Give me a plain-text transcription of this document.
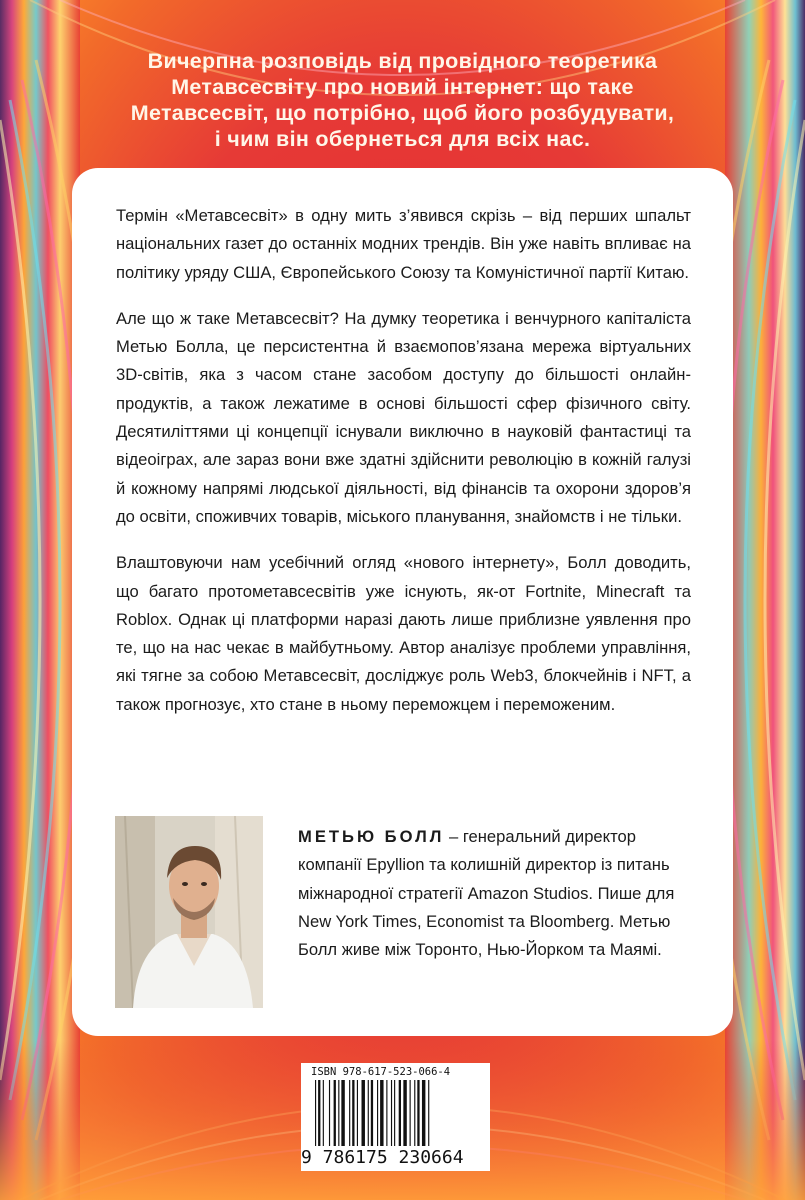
Вичерпна розповідь від провідного теоретика
Метавсесвіту про новий інтернет: що таке
Метавсесвіт, що потрібно, щоб його розбудувати,
і чим він обернеться для всіх нас.

Термін «Метавсесвіт» в одну мить з’явився скрізь – від перших шпальт національних газет до останніх модних трендів. Він уже навіть впливає на політику уряду США, Європейського Союзу та Комуністичної партії Китаю.

Але що ж таке Метавсесвіт? На думку теоретика і венчурного капіталіста Метью Болла, це персистентна й взаємопов’язана мережа віртуальних 3D-світів, яка з часом стане засобом доступу до більшості онлайн-продуктів, а також лежатиме в основі більшості сфер фізичного світу. Десятиліттями ці концепції існували виключно в науковій фантастиці та відеоіграх, але зараз вони вже здатні здійснити революцію в кожній галузі й кожному напрямі людської діяльності, від фінансів та охорони здоров’я до освіти, споживчих товарів, міського планування, знайомств і не тільки.

Влаштовуючи нам усебічний огляд «нового інтернету», Болл доводить, що багато протометавсесвітів уже існують, як-от Fortnite, Minecraft та Roblox. Однак ці платформи наразі дають лише приблизне уявлення про те, що на нас чекає в майбутньому. Автор аналізує проблеми управління, які тягне за собою Метавсесвіт, досліджує роль Web3, блокчейнів і NFT, а також прогнозує, хто стане в ньому переможцем і переможеним.

МЕТЬЮ БОЛЛ – генеральний директор компанії Epyllion та колишній директор із питань міжнародної стратегії Amazon Studios. Пише для New York Times, Economist та Bloomberg. Метью Болл живе між Торонто, Нью-Йорком та Маямі.
ISBN 978-617-523-066-4
9 786175 230664
